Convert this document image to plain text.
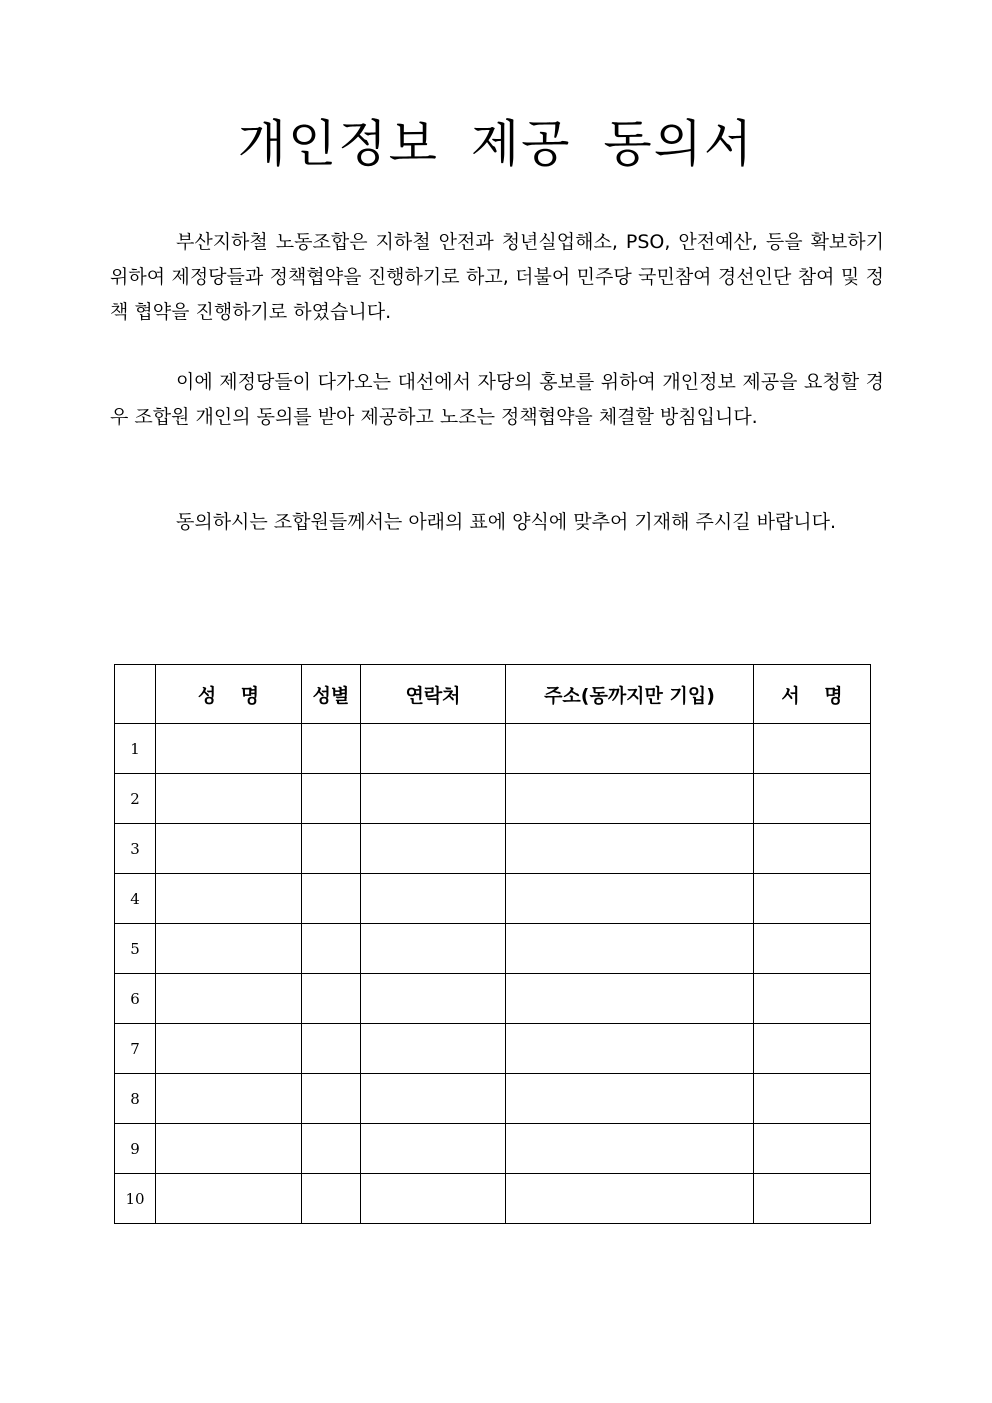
개인정보 제공 동의서

부산지하철 노동조합은 지하철 안전과 청년실업해소, PSO, 안전예산, 등을 확보하기 위하여 제정당들과 정책협약을 진행하기로 하고, 더불어 민주당 국민참여 경선인단 참여 및 정책 협약을 진행하기로 하였습니다.

이에 제정당들이 다가오는 대선에서 자당의 홍보를 위하여 개인정보 제공을 요청할 경우 조합원 개인의 동의를 받아 제공하고 노조는 정책협약을 체결할 방침입니다.

동의하시는 조합원들께서는 아래의 표에 양식에 맞추어 기재해 주시길 바랍니다.

	성 명	성별	연락처	주소(동까지만 기입)	서 명
1					
2					
3					
4					
5					
6					
7					
8					
9					
10					
